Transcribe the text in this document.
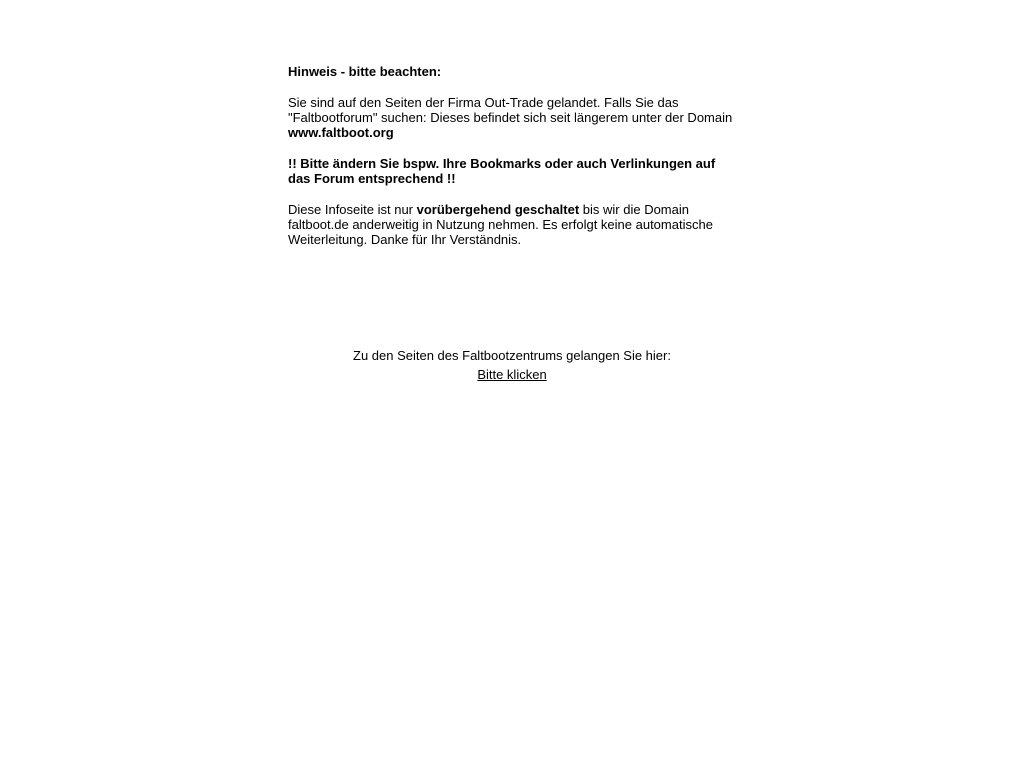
Hinweis - bitte beachten:

Sie sind auf den Seiten der Firma Out-Trade gelandet. Falls Sie das "Faltbootforum" suchen: Dieses befindet sich seit längerem unter der Domain www.faltboot.org

!! Bitte ändern Sie bspw. Ihre Bookmarks oder auch Verlinkungen auf das Forum entsprechend !!

Diese Infoseite ist nur vorübergehend geschaltet bis wir die Domain faltboot.de anderweitig in Nutzung nehmen. Es erfolgt keine automatische Weiterleitung. Danke für Ihr Verständnis.

Zu den Seiten des Faltbootzentrums gelangen Sie hier:
Bitte klicken
